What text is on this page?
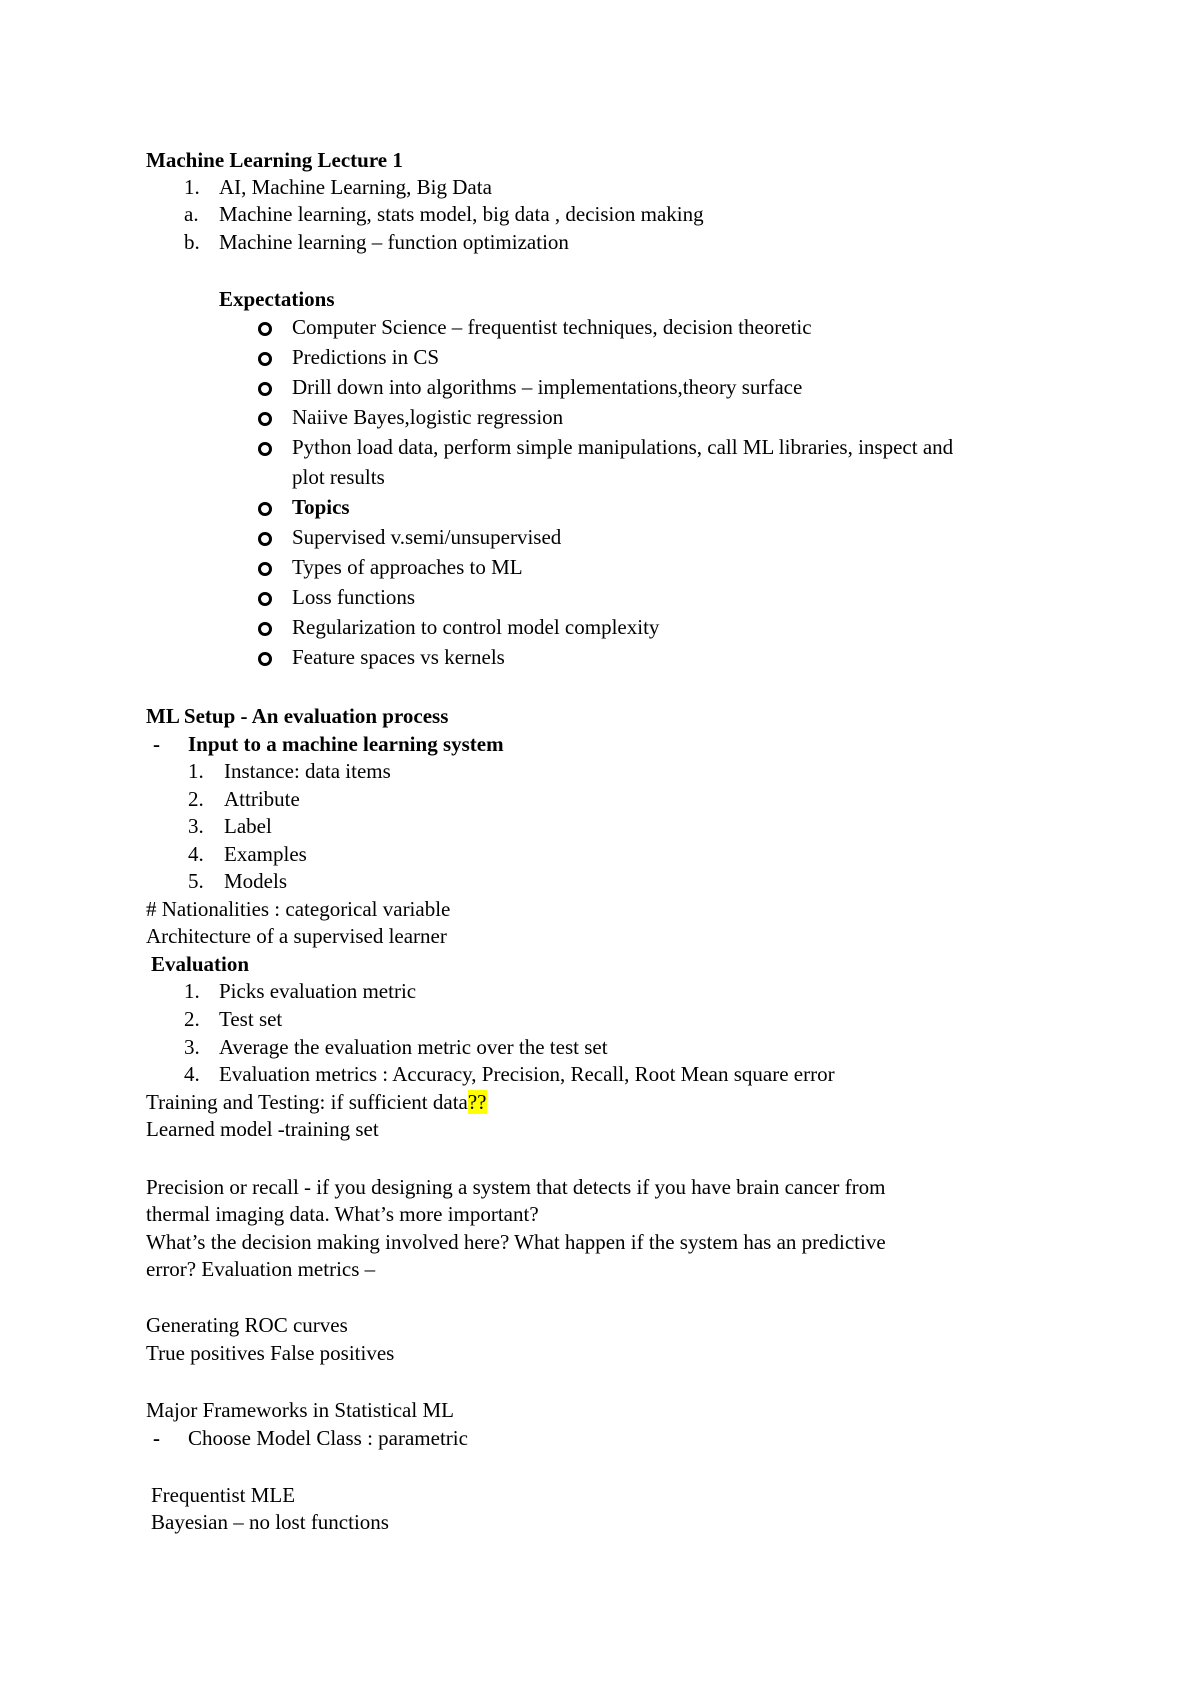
Machine Learning Lecture 1
1. AI, Machine Learning, Big Data
a. Machine learning, stats model, big data , decision making
b. Machine learning – function optimization
Expectations
Computer Science – frequentist techniques, decision theoretic
Predictions in CS
Drill down into algorithms – implementations,theory surface
Naiive Bayes,logistic regression
Python load data, perform simple manipulations, call ML libraries, inspect and
plot results
Topics
Supervised v.semi/unsupervised
Types of approaches to ML
Loss functions
Regularization to control model complexity
Feature spaces vs kernels
ML Setup - An evaluation process
- Input to a machine learning system
1. Instance: data items
2. Attribute
3. Label
4. Examples
5. Models
# Nationalities : categorical variable
Architecture of a supervised learner
Evaluation
1. Picks evaluation metric
2. Test set
3. Average the evaluation metric over the test set
4. Evaluation metrics : Accuracy, Precision, Recall, Root Mean square error
Training and Testing: if sufficient data??
Learned model -training set
Precision or recall - if you designing a system that detects if you have brain cancer from
thermal imaging data. What’s more important?
What’s the decision making involved here? What happen if the system has an predictive
error? Evaluation metrics –
Generating ROC curves
True positives False positives
Major Frameworks in Statistical ML
- Choose Model Class : parametric
Frequentist MLE
Bayesian – no lost functions
